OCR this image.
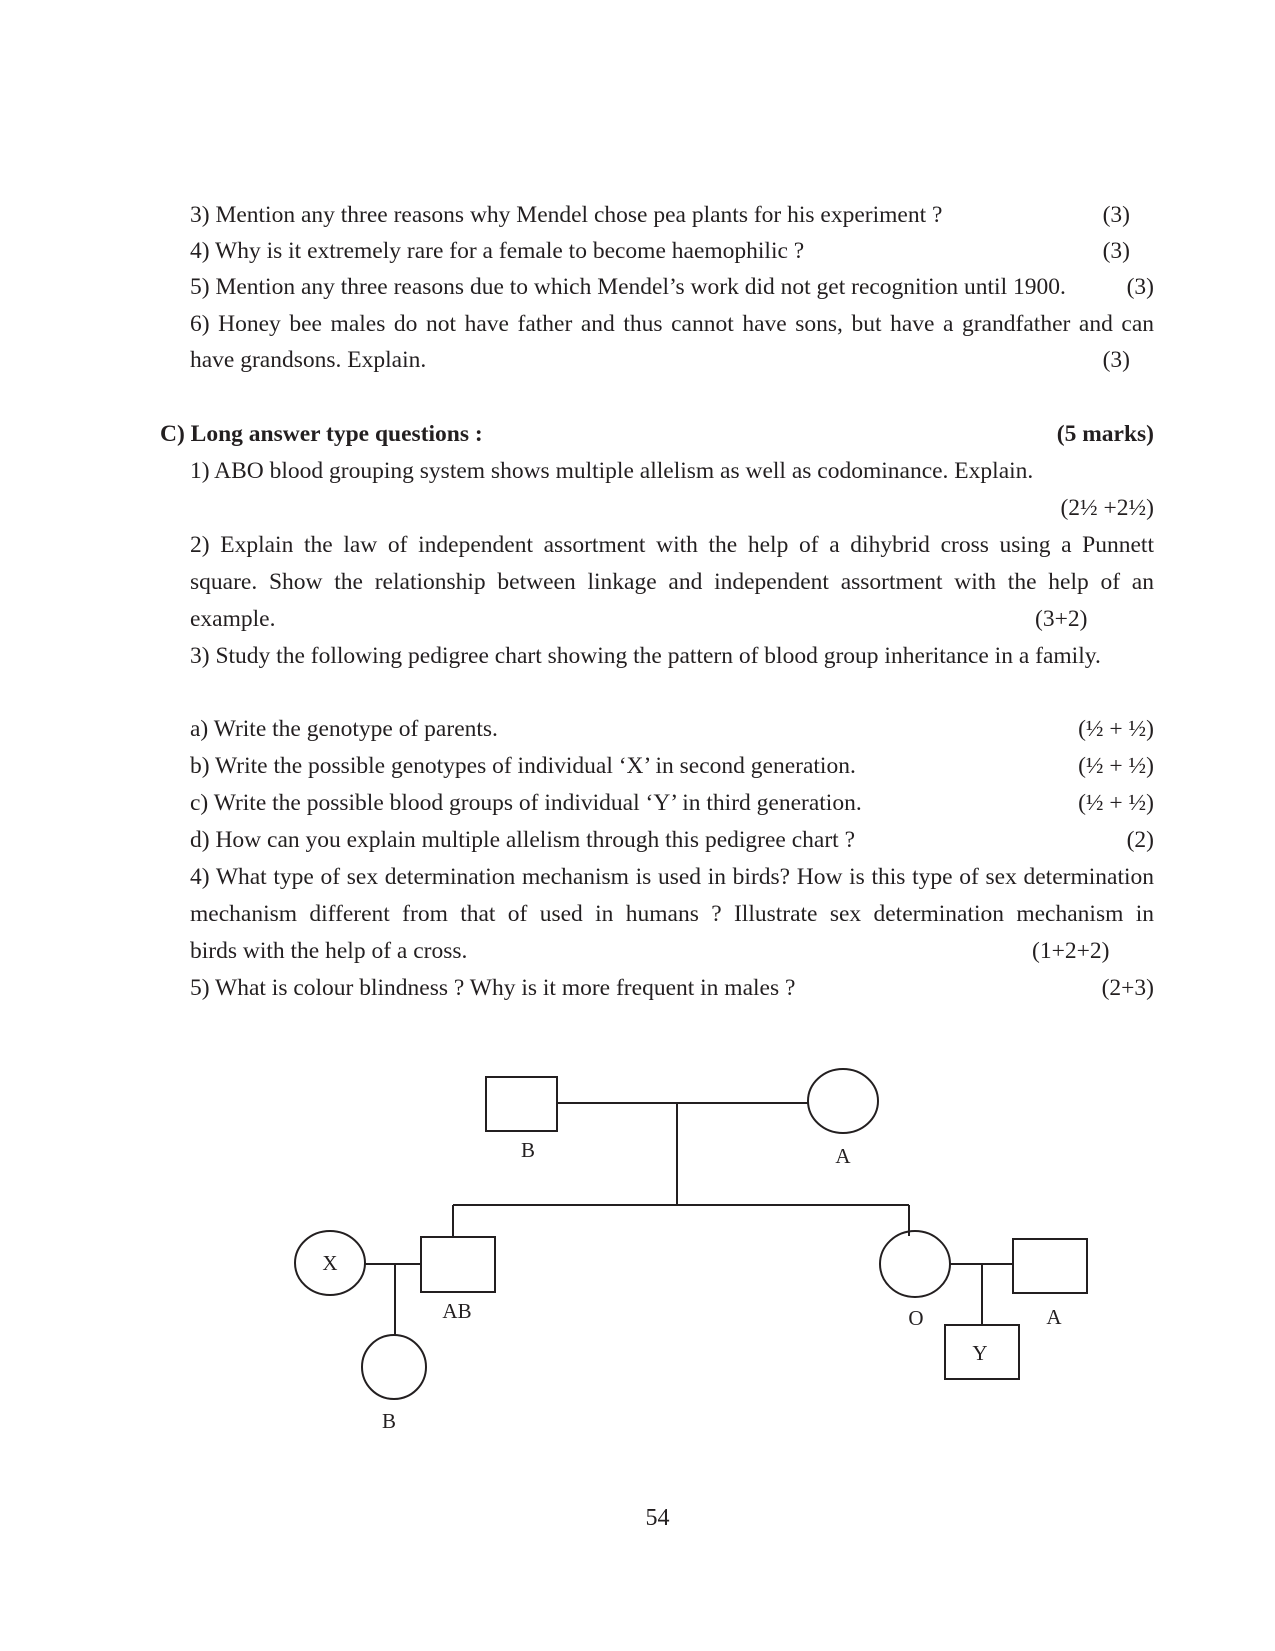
3) Mention any three reasons why Mendel chose pea plants for his experiment ?	(3)
4) Why is it extremely rare for a female to become haemophilic ?	(3)
5) Mention any three reasons due to which Mendel’s work did not get recognition until 1900.	(3)
6) Honey bee males do not have father and thus cannot have sons, but have a grandfather and can
have grandsons. Explain.	(3)
C) Long answer type questions :	(5 marks)
1) ABO blood grouping system shows multiple allelism as well as codominance. Explain.
(2½ +2½)
2) Explain the law of independent assortment with the help of a dihybrid cross using a Punnett
square. Show the relationship between linkage and independent assortment with the help of an
example.	(3+2)
3) Study the following pedigree chart showing the pattern of blood group inheritance in a family.
a) Write the genotype of parents.	(½ + ½)
b) Write the possible genotypes of individual ‘X’ in second generation.	(½ + ½)
c) Write the possible blood groups of individual ‘Y’ in third generation.	(½ + ½)
d) How can you explain multiple allelism through this pedigree chart ?	(2)
4) What type of sex determination mechanism is used in birds? How is this type of sex determination
mechanism different from that of used in humans ? Illustrate sex determination mechanism in
birds with the help of a cross.	(1+2+2)
5) What is colour blindness ? Why is it more frequent in males ?	(2+3)
B	A
X
AB	O	A
B
Y
54
